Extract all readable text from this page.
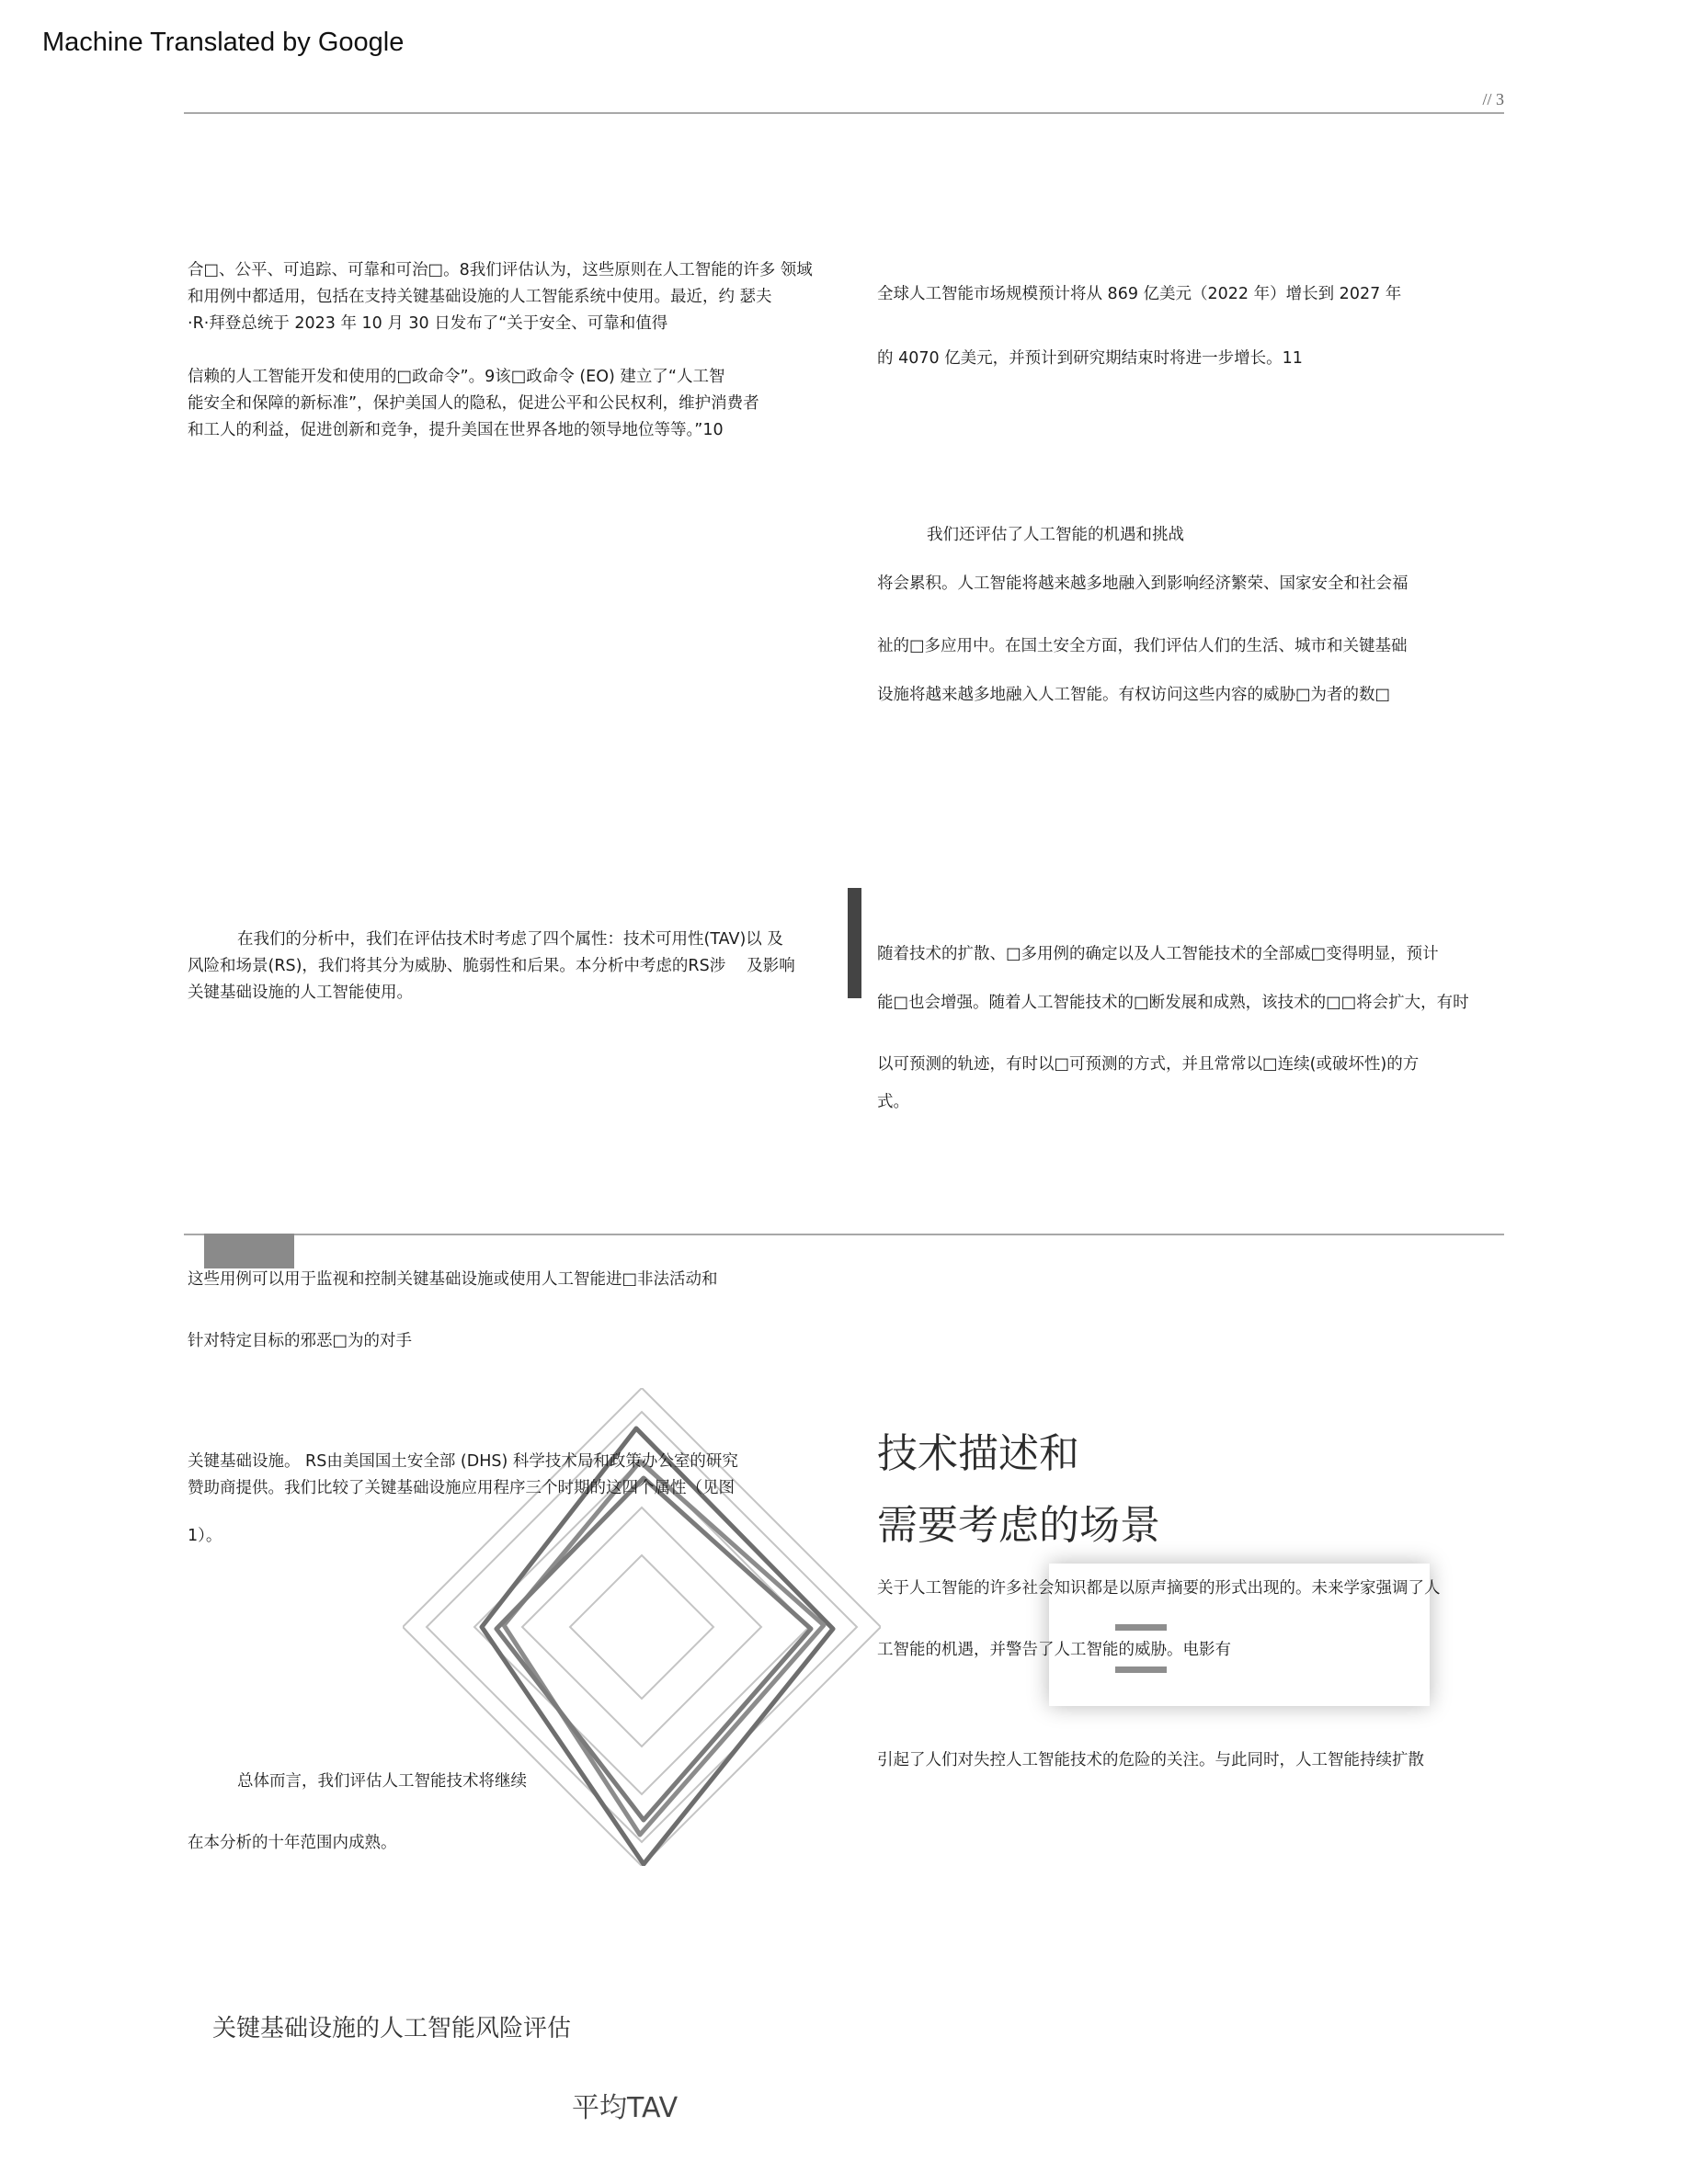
Machine Translated by Google
// 3
合□、公平、可追踪、可靠和可治□。8我们评估认为，这些原则在人工智能的许多 领域
和用例中都适用，包括在支持关键基础设施的人工智能系统中使用。最近，约 瑟夫
·R·拜登总统于 2023 年 10 月 30 日发布了“关于安全、可靠和值得
信赖的人工智能开发和使用的□政命令”。9该□政命令 (EO) 建立了“人工智
能安全和保障的新标准”，保护美国人的隐私，促进公平和公民权利，维护消费者
和工人的利益，促进创新和竞争，提升美国在世界各地的领导地位等等。”10
全球人工智能市场规模预计将从 869 亿美元（2022 年）增长到 2027 年
的 4070 亿美元，并预计到研究期结束时将进一步增长。11
我们还评估了人工智能的机遇和挑战
将会累积。人工智能将越来越多地融入到影响经济繁荣、国家安全和社会福
祉的□多应用中。在国土安全方面，我们评估人们的生活、城市和关键基础
设施将越来越多地融入人工智能。有权访问这些内容的威胁□为者的数□
在我们的分析中，我们在评估技术时考虑了四个属性：技术可用性(TAV)以 及
风险和场景(RS)，我们将其分为威胁、脆弱性和后果。本分析中考虑的RS涉 　及影响
关键基础设施的人工智能使用。
随着技术的扩散、□多用例的确定以及人工智能技术的全部威□变得明显，预计
能□也会增强。随着人工智能技术的□断发展和成熟，该技术的□□将会扩大，有时
以可预测的轨迹，有时以□可预测的方式，并且常常以□连续(或破坏性)的方
式。
这些用例可以用于监视和控制关键基础设施或使用人工智能进□非法活动和
针对特定目标的邪恶□为的对手
关键基础设施。 RS由美国国土安全部 (DHS) 科学技术局和政策办公室的研究
赞助商提供。我们比较了关键基础设施应用程序三个时期的这四个属性（见图
1）。
技术描述和
需要考虑的场景
关于人工智能的许多社会知识都是以原声摘要的形式出现的。未来学家强调了人
工智能的机遇，并警告了人工智能的威胁。电影有
引起了人们对失控人工智能技术的危险的关注。与此同时，人工智能持续扩散
总体而言，我们评估人工智能技术将继续
在本分析的十年范围内成熟。
关键基础设施的人工智能风险评估
平均TAV
